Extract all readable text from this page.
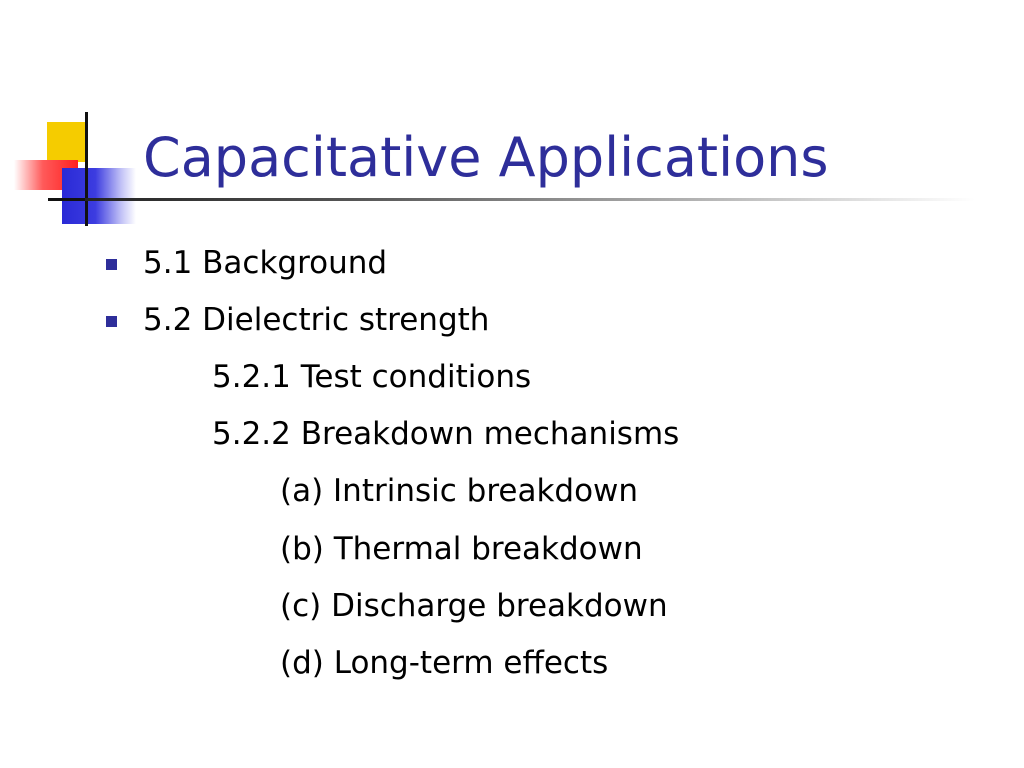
Capacitative Applications
5.1 Background
5.2 Dielectric strength
5.2.1 Test conditions
5.2.2 Breakdown mechanisms
(a) Intrinsic breakdown
(b) Thermal breakdown
(c) Discharge breakdown
(d) Long-term effects
